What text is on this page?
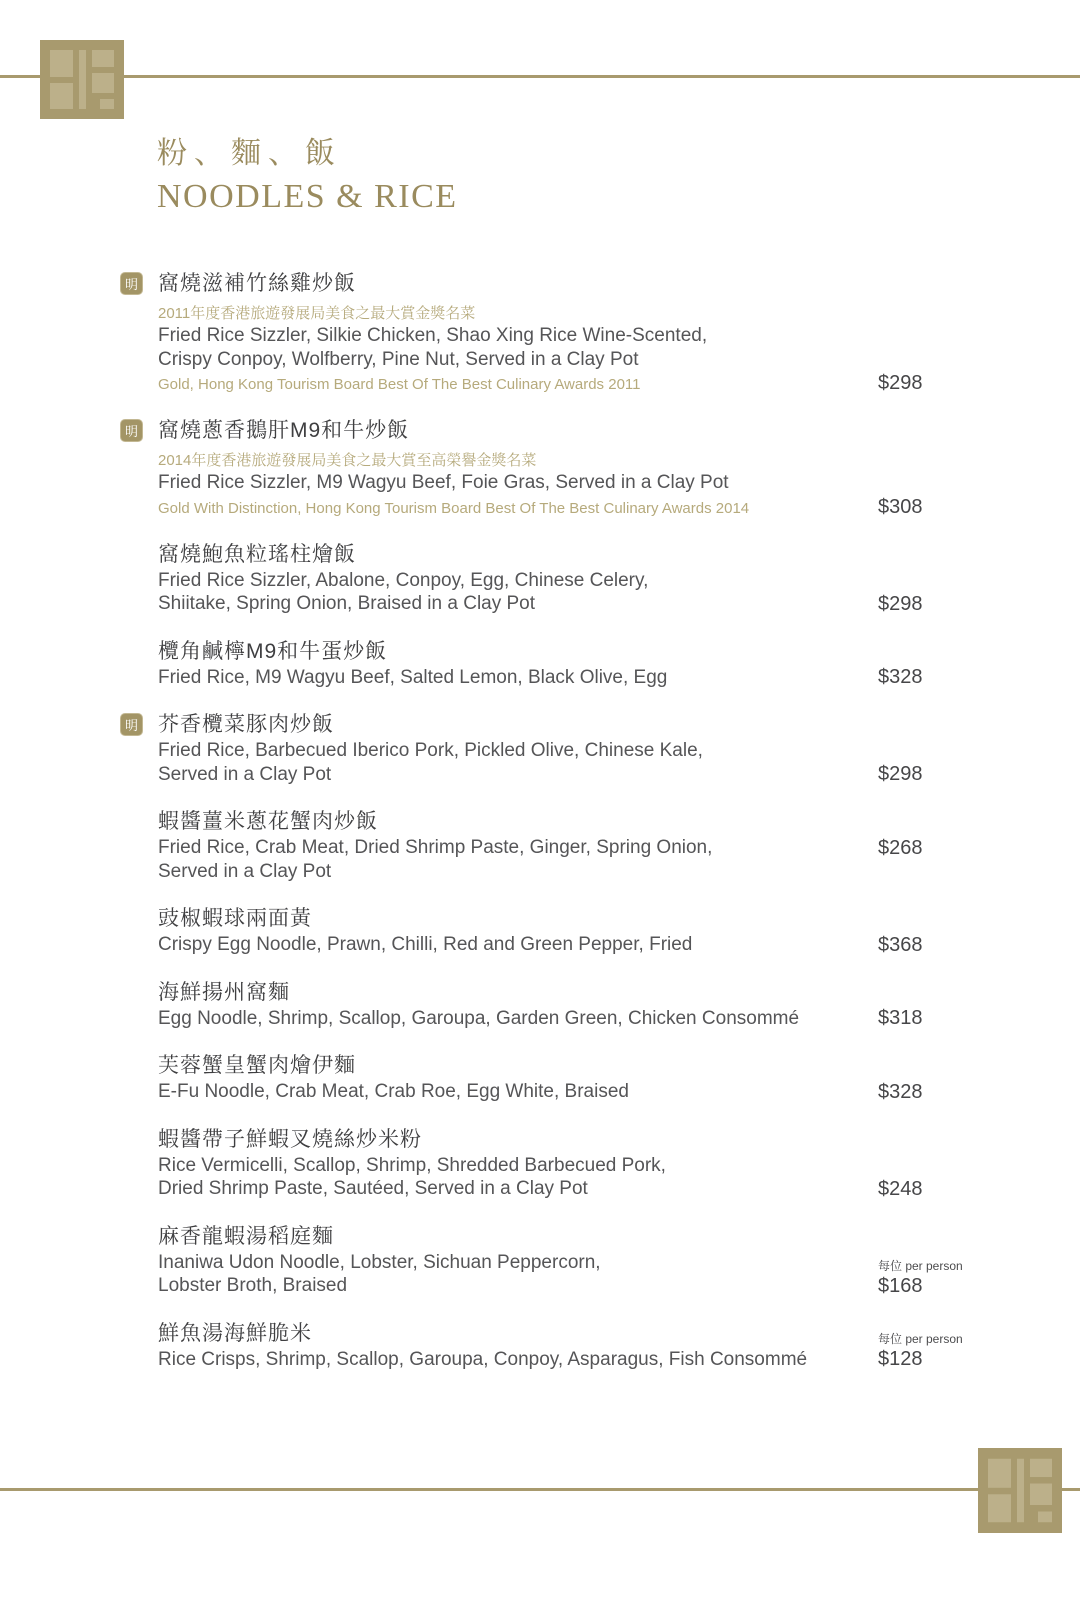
粉、麵、飯
NOODLES & RICE
明 窩燒滋補竹絲雞炒飯
2011年度香港旅遊發展局美食之最大賞金獎名菜
Fried Rice Sizzler, Silkie Chicken, Shao Xing Rice Wine-Scented,
Crispy Conpoy, Wolfberry, Pine Nut, Served in a Clay Pot
Gold, Hong Kong Tourism Board Best Of The Best Culinary Awards 2011	$298
明 窩燒蔥香鵝肝M9和牛炒飯
2014年度香港旅遊發展局美食之最大賞至高榮譽金獎名菜
Fried Rice Sizzler, M9 Wagyu Beef, Foie Gras, Served in a Clay Pot
Gold With Distinction, Hong Kong Tourism Board Best Of The Best Culinary Awards 2014	$308
窩燒鮑魚粒瑤柱燴飯
Fried Rice Sizzler, Abalone, Conpoy, Egg, Chinese Celery,
Shiitake, Spring Onion, Braised in a Clay Pot	$298
欖角鹹檸M9和牛蛋炒飯
Fried Rice, M9 Wagyu Beef, Salted Lemon, Black Olive, Egg	$328
明 芥香欖菜豚肉炒飯
Fried Rice, Barbecued Iberico Pork, Pickled Olive, Chinese Kale,
Served in a Clay Pot	$298
蝦醬薑米蔥花蟹肉炒飯
Fried Rice, Crab Meat, Dried Shrimp Paste, Ginger, Spring Onion,
Served in a Clay Pot
$268
豉椒蝦球兩面黃
Crispy Egg Noodle, Prawn, Chilli, Red and Green Pepper, Fried	$368
海鮮揚州窩麵
Egg Noodle, Shrimp, Scallop, Garoupa, Garden Green, Chicken Consommé	$318
芙蓉蟹皇蟹肉燴伊麵
E-Fu Noodle, Crab Meat, Crab Roe, Egg White, Braised	$328
蝦醬帶子鮮蝦叉燒絲炒米粉
Rice Vermicelli, Scallop, Shrimp, Shredded Barbecued Pork,
Dried Shrimp Paste, Sautéed, Served in a Clay Pot	$248
麻香龍蝦湯稻庭麵
Inaniwa Udon Noodle, Lobster, Sichuan Peppercorn,
Lobster Broth, Braised
每位 per person
$168
鮮魚湯海鮮脆米
Rice Crisps, Shrimp, Scallop, Garoupa, Conpoy, Asparagus, Fish Consommé
每位 per person
$128
